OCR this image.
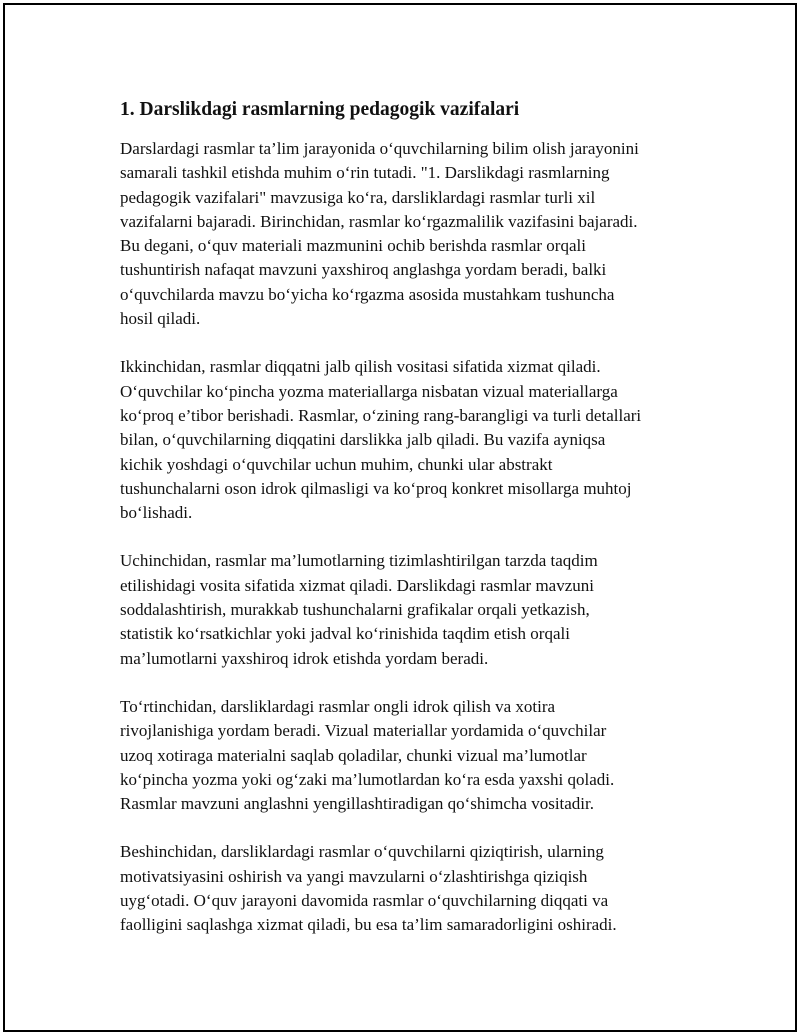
1. Darslikdagi rasmlarning pedagogik vazifalari

Darslardagi rasmlar ta’lim jarayonida o‘quvchilarning bilim olish jarayonini
samarali tashkil etishda muhim o‘rin tutadi. "1. Darslikdagi rasmlarning
pedagogik vazifalari" mavzusiga ko‘ra, darsliklardagi rasmlar turli xil
vazifalarni bajaradi. Birinchidan, rasmlar ko‘rgazmalilik vazifasini bajaradi.
Bu degani, o‘quv materiali mazmunini ochib berishda rasmlar orqali
tushuntirish nafaqat mavzuni yaxshiroq anglashga yordam beradi, balki
o‘quvchilarda mavzu bo‘yicha ko‘rgazma asosida mustahkam tushuncha
hosil qiladi.

Ikkinchidan, rasmlar diqqatni jalb qilish vositasi sifatida xizmat qiladi.
O‘quvchilar ko‘pincha yozma materiallarga nisbatan vizual materiallarga
ko‘proq e’tibor berishadi. Rasmlar, o‘zining rang-barangligi va turli detallari
bilan, o‘quvchilarning diqqatini darslikka jalb qiladi. Bu vazifa ayniqsa
kichik yoshdagi o‘quvchilar uchun muhim, chunki ular abstrakt
tushunchalarni oson idrok qilmasligi va ko‘proq konkret misollarga muhtoj
bo‘lishadi.

Uchinchidan, rasmlar ma’lumotlarning tizimlashtirilgan tarzda taqdim
etilishidagi vosita sifatida xizmat qiladi. Darslikdagi rasmlar mavzuni
soddalashtirish, murakkab tushunchalarni grafikalar orqali yetkazish,
statistik ko‘rsatkichlar yoki jadval ko‘rinishida taqdim etish orqali
ma’lumotlarni yaxshiroq idrok etishda yordam beradi.

To‘rtinchidan, darsliklardagi rasmlar ongli idrok qilish va xotira
rivojlanishiga yordam beradi. Vizual materiallar yordamida o‘quvchilar
uzoq xotiraga materialni saqlab qoladilar, chunki vizual ma’lumotlar
ko‘pincha yozma yoki og‘zaki ma’lumotlardan ko‘ra esda yaxshi qoladi.
Rasmlar mavzuni anglashni yengillashtiradigan qo‘shimcha vositadir.

Beshinchidan, darsliklardagi rasmlar o‘quvchilarni qiziqtirish, ularning
motivatsiyasini oshirish va yangi mavzularni o‘zlashtirishga qiziqish
uyg‘otadi. O‘quv jarayoni davomida rasmlar o‘quvchilarning diqqati va
faolligini saqlashga xizmat qiladi, bu esa ta’lim samaradorligini oshiradi.
